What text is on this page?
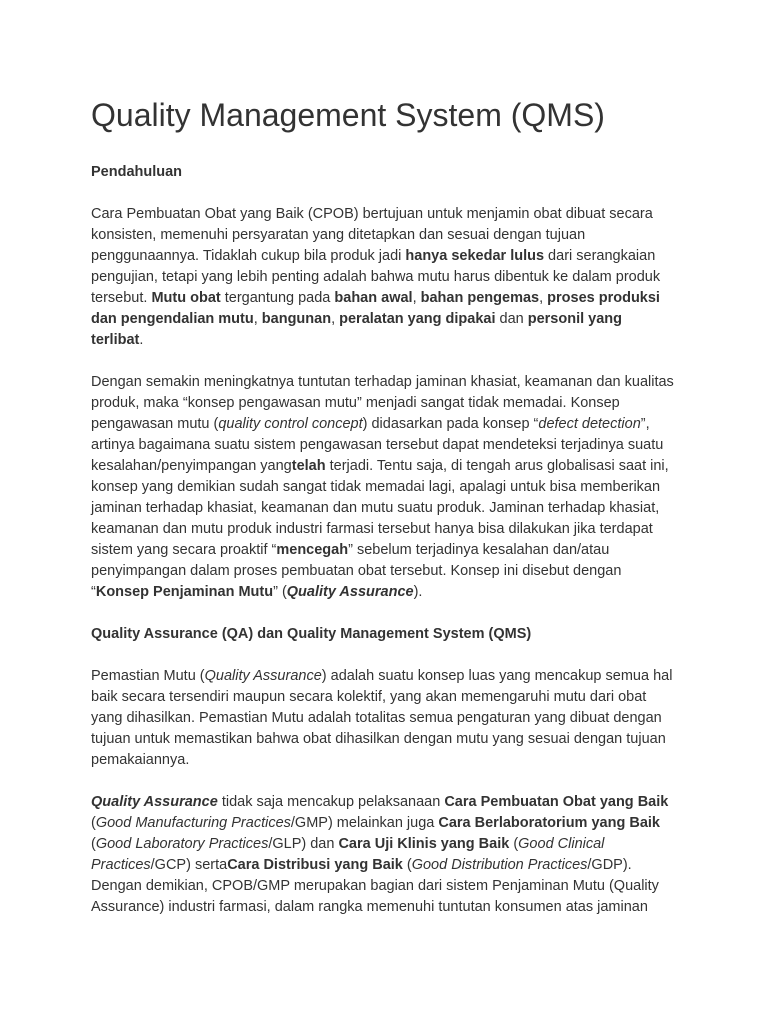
Quality Management System (QMS)
Pendahuluan

Cara Pembuatan Obat yang Baik (CPOB) bertujuan untuk menjamin obat dibuat secara konsisten, memenuhi persyaratan yang ditetapkan dan sesuai dengan tujuan penggunaannya. Tidaklah cukup bila produk jadi hanya sekedar lulus dari serangkaian pengujian, tetapi yang lebih penting adalah bahwa mutu harus dibentuk ke dalam produk tersebut. Mutu obat tergantung pada bahan awal, bahan pengemas, proses produksi dan pengendalian mutu, bangunan, peralatan yang dipakai dan personil yang terlibat.

Dengan semakin meningkatnya tuntutan terhadap jaminan khasiat, keamanan dan kualitas produk, maka “konsep pengawasan mutu” menjadi sangat tidak memadai. Konsep pengawasan mutu (quality control concept) didasarkan pada konsep “defect detection”, artinya bagaimana suatu sistem pengawasan tersebut dapat mendeteksi terjadinya suatu kesalahan/penyimpangan yangtelah terjadi. Tentu saja, di tengah arus globalisasi saat ini, konsep yang demikian sudah sangat tidak memadai lagi, apalagi untuk bisa memberikan jaminan terhadap khasiat, keamanan dan mutu suatu produk. Jaminan terhadap khasiat, keamanan dan mutu produk industri farmasi tersebut hanya bisa dilakukan jika terdapat sistem yang secara proaktif “mencegah” sebelum terjadinya kesalahan dan/atau penyimpangan dalam proses pembuatan obat tersebut. Konsep ini disebut dengan “Konsep Penjaminan Mutu” (Quality Assurance).

Quality Assurance (QA) dan Quality Management System (QMS)

Pemastian Mutu (Quality Assurance) adalah suatu konsep luas yang mencakup semua hal baik secara tersendiri maupun secara kolektif, yang akan memengaruhi mutu dari obat yang dihasilkan. Pemastian Mutu adalah totalitas semua pengaturan yang dibuat dengan tujuan untuk memastikan bahwa obat dihasilkan dengan mutu yang sesuai dengan tujuan pemakaiannya.

Quality Assurance tidak saja mencakup pelaksanaan Cara Pembuatan Obat yang Baik (Good Manufacturing Practices/GMP) melainkan juga Cara Berlaboratorium yang Baik (Good Laboratory Practices/GLP) dan Cara Uji Klinis yang Baik (Good Clinical Practices/GCP) sertaCara Distribusi yang Baik (Good Distribution Practices/GDP). Dengan demikian, CPOB/GMP merupakan bagian dari sistem Penjaminan Mutu (Quality Assurance) industri farmasi, dalam rangka memenuhi tuntutan konsumen atas jaminan
